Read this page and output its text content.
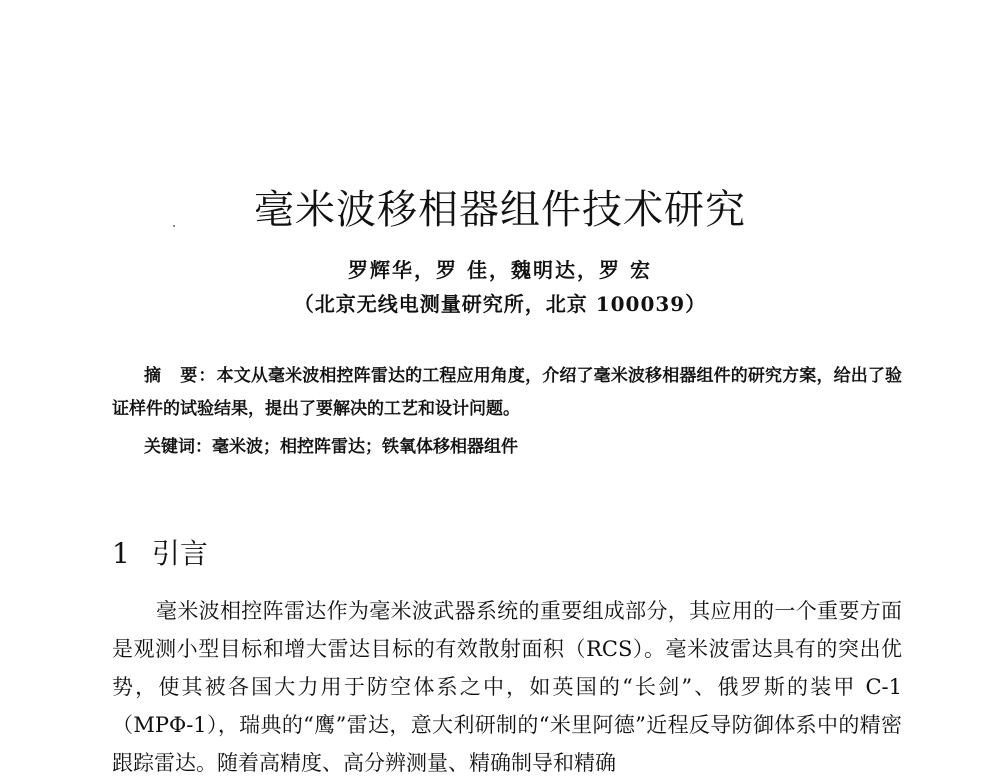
毫米波移相器组件技术研究
罗辉华，罗 佳，魏明达，罗 宏
（北京无线电测量研究所，北京 100039）
摘　要：本文从毫米波相控阵雷达的工程应用角度，介绍了毫米波移相器组件的研究方案，给出了验证样件的试验结果，提出了要解决的工艺和设计问题。
关键词：毫米波；相控阵雷达；铁氧体移相器组件
1 引言
毫米波相控阵雷达作为毫米波武器系统的重要组成部分，其应用的一个重要方面是观测小型目标和增大雷达目标的有效散射面积（RCS）。毫米波雷达具有的突出优势，使其被各国大力用于防空体系之中，如英国的“长剑”、俄罗斯的装甲 C-1（MPΦ-1），瑞典的“鹰”雷达，意大利研制的“米里阿德”近程反导防御体系中的精密跟踪雷达。随着高精度、高分辨测量、精确制导和精确
